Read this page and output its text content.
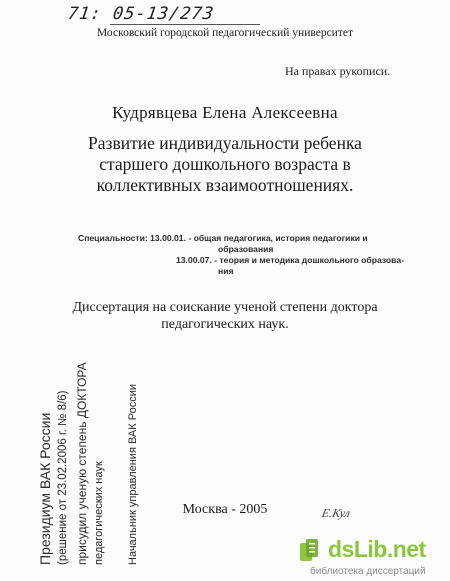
71: 05-13/273
Московский городской педагогический университет
На правах рукописи.
Кудрявцева Елена Алексеевна
Развитие индивидуальности ребенка
старшего дошкольного возраста в
коллективных взаимоотношениях.
Специальности: 13.00.01. - общая педагогика, история педагогики и
образования
13.00.07. - теория и методика дошкольного образова-
ния
Диссертация на соискание ученой степени доктора
педагогических наук.
Президиум ВАК России (решение от 23.02.2006 г. № 8/6) присудил ученую степень ДОКТОРА педагогических наук Начальник управления ВАК России	Москва - 2005	Е.Кул
dsLib.net
библиотека диссертаций
